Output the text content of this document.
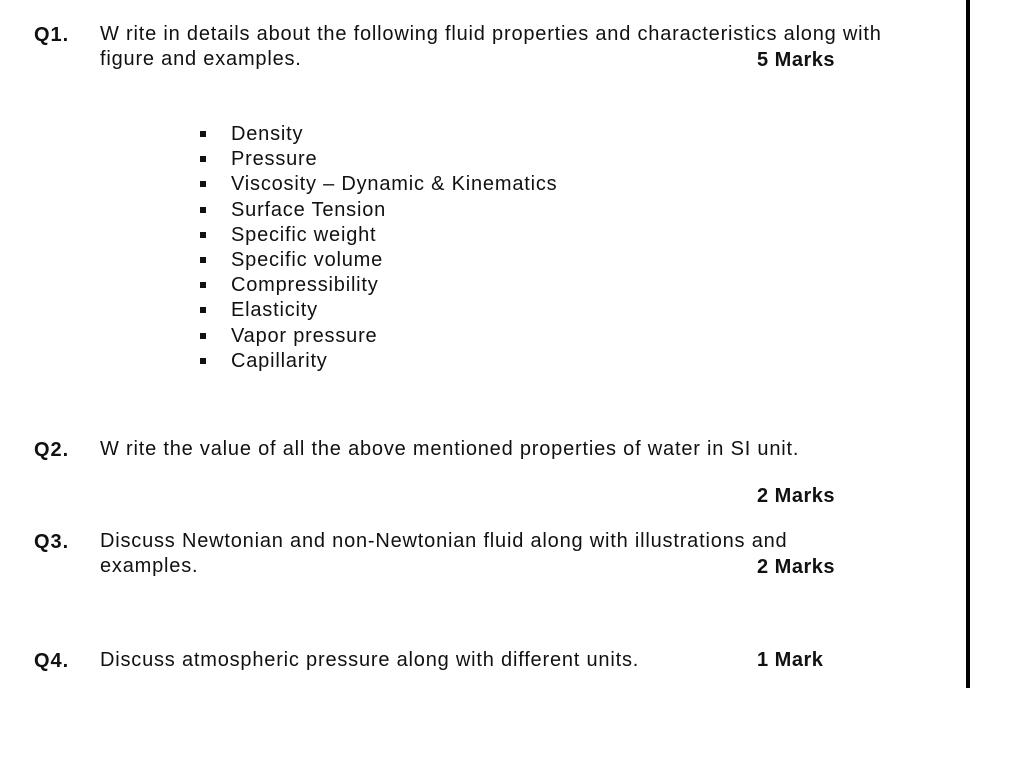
Q1. W rite in details about the following fluid properties and characteristics along with
figure and examples.	5 Marks
Density
Pressure
Viscosity – Dynamic & Kinematics
Surface Tension
Specific weight
Specific volume
Compressibility
Elasticity
Vapor pressure
Capillarity
Q2. W rite the value of all the above mentioned properties of water in SI unit.
2 Marks
Q3. Discuss Newtonian and non-Newtonian fluid along with illustrations and
examples.	2 Marks
Q4. Discuss atmospheric pressure along with different units.	1 Mark
